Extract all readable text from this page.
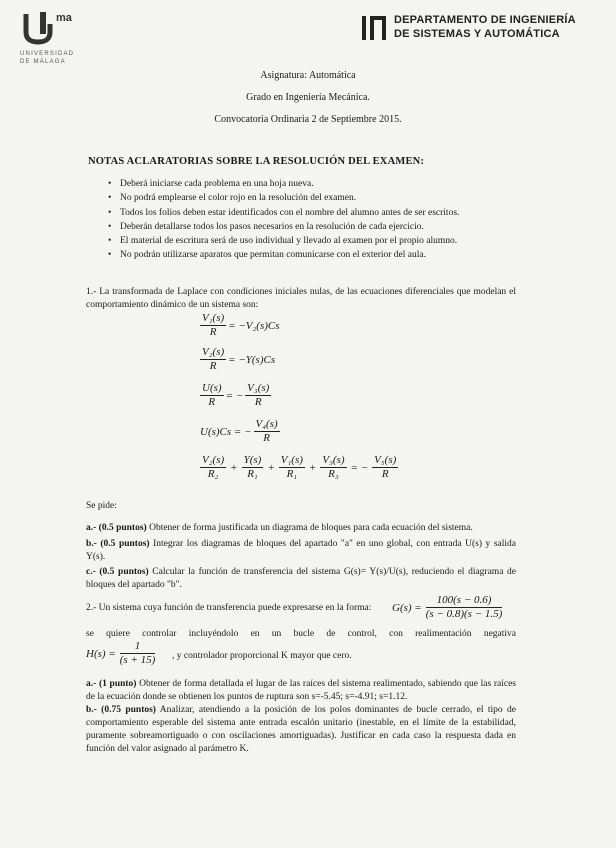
ma
UNIVERSIDAD
DE MÁLAGA
DEPARTAMENTO DE INGENIERÍA
DE SISTEMAS Y AUTOMÁTICA
Asignatura: Automática
Grado en Ingeniería Mecánica.
Convocatoria Ordinaria 2 de Septiembre 2015.
NOTAS ACLARATORIAS SOBRE LA RESOLUCIÓN DEL EXAMEN:
• Deberá iniciarse cada problema en una hoja nueva.
• No podrá emplearse el color rojo en la resolución del examen.
• Todos los folios deben estar identificados con el nombre del alumno antes de ser escritos.
• Deberán detallarse todos los pasos necesarios en la resolución de cada ejercicio.
• El material de escritura será de uso individual y llevado al examen por el propio alumno.
• No podrán utilizarse aparatos que permitan comunicarse con el exterior del aula.
1.- La transformada de Laplace con condiciones iniciales nulas, de las ecuaciones diferenciales que modelan el comportamiento dinámico de un sistema son:
$\frac{\text{V₁(s)}}{R} = -V_2(s)Cs$
$\frac{\text{V₂(s)}}{R} = -Y(s)Cs$
$\frac{U(s)}{R}$ = − $\frac{\text{V₃(s)}}{R}$
U(s)Cs = − $\frac{\text{V₄(s)}}{R}$
$\frac{\text{V₂(s)}}{\text{R₂}} + \frac{Y(s)}{\text{R₁}} + \frac{\text{V₁(s)}}{\text{R₁}} + \frac{\text{V₃(s)}}{\text{R₃}}$ = − $\frac{\text{V₅(s)}}{R}$
Se pide:
a.- (0.5 puntos) Obtener de forma justificada un diagrama de bloques para cada ecuación del sistema.
b.- (0.5 puntos) Integrar los diagramas de bloques del apartado "a" en uno global, con entrada U(s) y salida Y(s).
c.- (0.5 puntos) Calcular la función de transferencia del sistema G(s)= Y(s)/U(s), reduciendo el diagrama de bloques del apartado "b".
2.- Un sistema cuya función de transferencia puede expresarse en la forma: $G(s) = \frac{100(s - 0.6)}{(s - 0.8)(s - 1.5)}$
se quiere controlar incluyéndolo en un bucle de control, con realimentación negativa
$H(s) = \frac{1}{(s + 15)}$ , y controlador proporcional K mayor que cero.
a.- (1 punto) Obtener de forma detallada el lugar de las raíces del sistema realimentado, sabiendo que las raíces de la ecuación donde se obtienen los puntos de ruptura son s=-5.45; s=-4.91; s=1.12.
b.- (0.75 puntos) Analizar, atendiendo a la posición de los polos dominantes de bucle cerrado, el tipo de comportamiento esperable del sistema ante entrada escalón unitario (inestable, en el límite de la estabilidad, puramente sobreamortiguado o con oscilaciones amortiguadas). Justificar en cada caso la respuesta dada en función del valor asignado al parámetro K.
